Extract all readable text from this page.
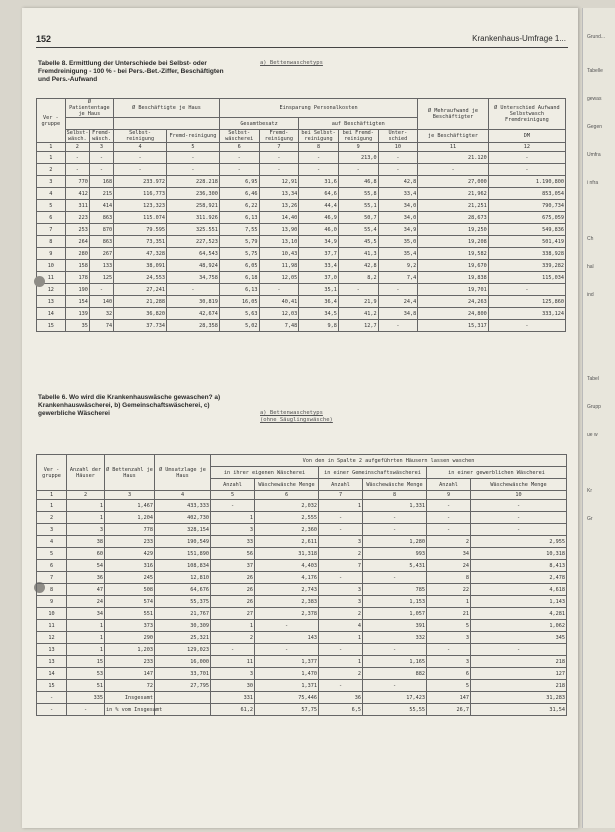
Grund...
Tabelle
gewas
Gegen
Umfra
i nfra
Ch
hal
ind
Tabel
Grupp
ue w
Kr
Gr
152	Krankenhaus-Umfrage 1...
Tabelle 8. Ermittlung der Unterschiede bei Selbst- oder Fremdreinigung - 100 % - bei Pers.-Bet.-Ziffer, Beschäftigten und Pers.-Aufwand
a) Bettenwaschetyps
Ver - gruppe	Ø Patiententage je Haus		Ø Beschäftigte je Haus		Einsparung Personalkosten					Ø Mehraufwand je Beschäftigter	Ø Unterschied Aufwand Selbstwasch Fremdreinigung
					Gesamtbesatz		auf Beschäftigten				
	Selbst-wäsch.	Fremd-wäsch.	Selbst-reinigung	Fremd-reinigung	Selbst-wäscherei	Fremd-reinigung	bei Selbst-reinigung	bei Fremd-reinigung	Unter-schied	je Beschäftigter	DM
1	2	3	4	5	6	7	8	9	10	11	12
1	-	-	-	-	-	-	-	213,0	-	21.120	-
2	-	-	-	-	-	-	-	-	-	-	-
3	770	168	233.972	228.218	6,95	12,91	31,6	46,8	42,8	27,000	1.190,800
4	412	215	116,773	236,300	6,46	13,34	64,6	55,8	33,4	21,962	853,054
5	311	414	123,323	258,921	6,22	13,26	44,4	55,1	34,0	21,251	790,734
6	223	863	115.074	311.926	6,13	14,40	46,9	50,7	34,0	28,673	675,059
7	253	870	79.595	325.551	7,55	13,90	46,0	55,4	34,9	19,250	549,836
8	264	863	73,351	227,523	5,79	13,10	34,9	45,5	35,0	19,208	501,419
9	280	267	47,328	64,543	5,75	10,43	37,7	41,3	35,4	19,582	338,928
10	158	133	38,091	48,924	6,05	11,98	33,4	42,8	9,2	19,670	339,282
11	178	125	24,553	34,758	6,18	12,05	37,0	8,2	7,4	19,838	115,034
12	190	-	27,241	-	6,13	-	35,1	-	-	19,701	-
13	154	140	21,288	30,819	16,05	40,41	36,4	21,9	24,4	24,263	125,860
14	139	32	36,820	42,674	5,63	12,03	34,5	41,2	34,8	24,800	333,124
15	35	74	37.734	28,358	5,02	7,48	9,8	12,7	-	15,317	-
Tabelle 6. Wo wird die Krankenhauswäsche gewaschen? a) Krankenhauswäscherei, b) Gemeinschaftswäscherei, c) gewerbliche Wäscherei	a) Bettenwaschetyps
(ohne Säuglingswäsche)
Ver - gruppe	Anzahl der Häuser	Ø Bettenzahl je Haus	Ø Umsatzlage je Haus	Von den in Spalte 2 aufgeführten Häusern lassen waschen					
				in ihrer eigenen Wäscherei		in einer Gemeinschaftswäscherei		in einer gewerblichen Wäscherei	
				Anzahl	Wäschewäsche Menge	Anzahl	Wäschewäsche Menge	Anzahl	Wäschewäsche Menge
1	2	3	4	5	6	7	8	9	10
1	1	1,467	433,333	-	2,032	1	1,331	-	-
2	1	1,204	402,730	1	2,555	-	-	-	-
3	3	778	328,154	3	2,360	-	-	-	-
4	38	233	190,549	33	2,611	3	1,280	2	2,955
5	60	429	151,890	56	31,318	2	993	34	10,318
6	54	316	108,834	37	4,403	7	5,431	24	8,413
7	36	245	12,810	26	4,176	-	-	8	2,478
8	47	508	64,676	26	2,743	3	785	22	4,618
9	24	574	55,375	26	2,383	3	1,153	1	1,143
10	34	551	21,767	27	2,378	2	1,057	21	4,281
11	1	373	30,309	1	-	4	391	5	1,062
12	1	290	25,321	2	143	1	332	3	345
13	1	1,203	129,023	-	-	-	-	-	-
13	15	233	16,000	11	1,377	1	1,165	3	218
14	53	147	33,701	3	1,470	2	882	6	127
15	51	72	27,795	30	1,371	-	-	5	218
-	335	Insgesamt		331	75,446	36	17,423	147	31,283
-	-	in % vom Insgesamt		61,2	57,75	6,5	55,55	26,7	31,54
